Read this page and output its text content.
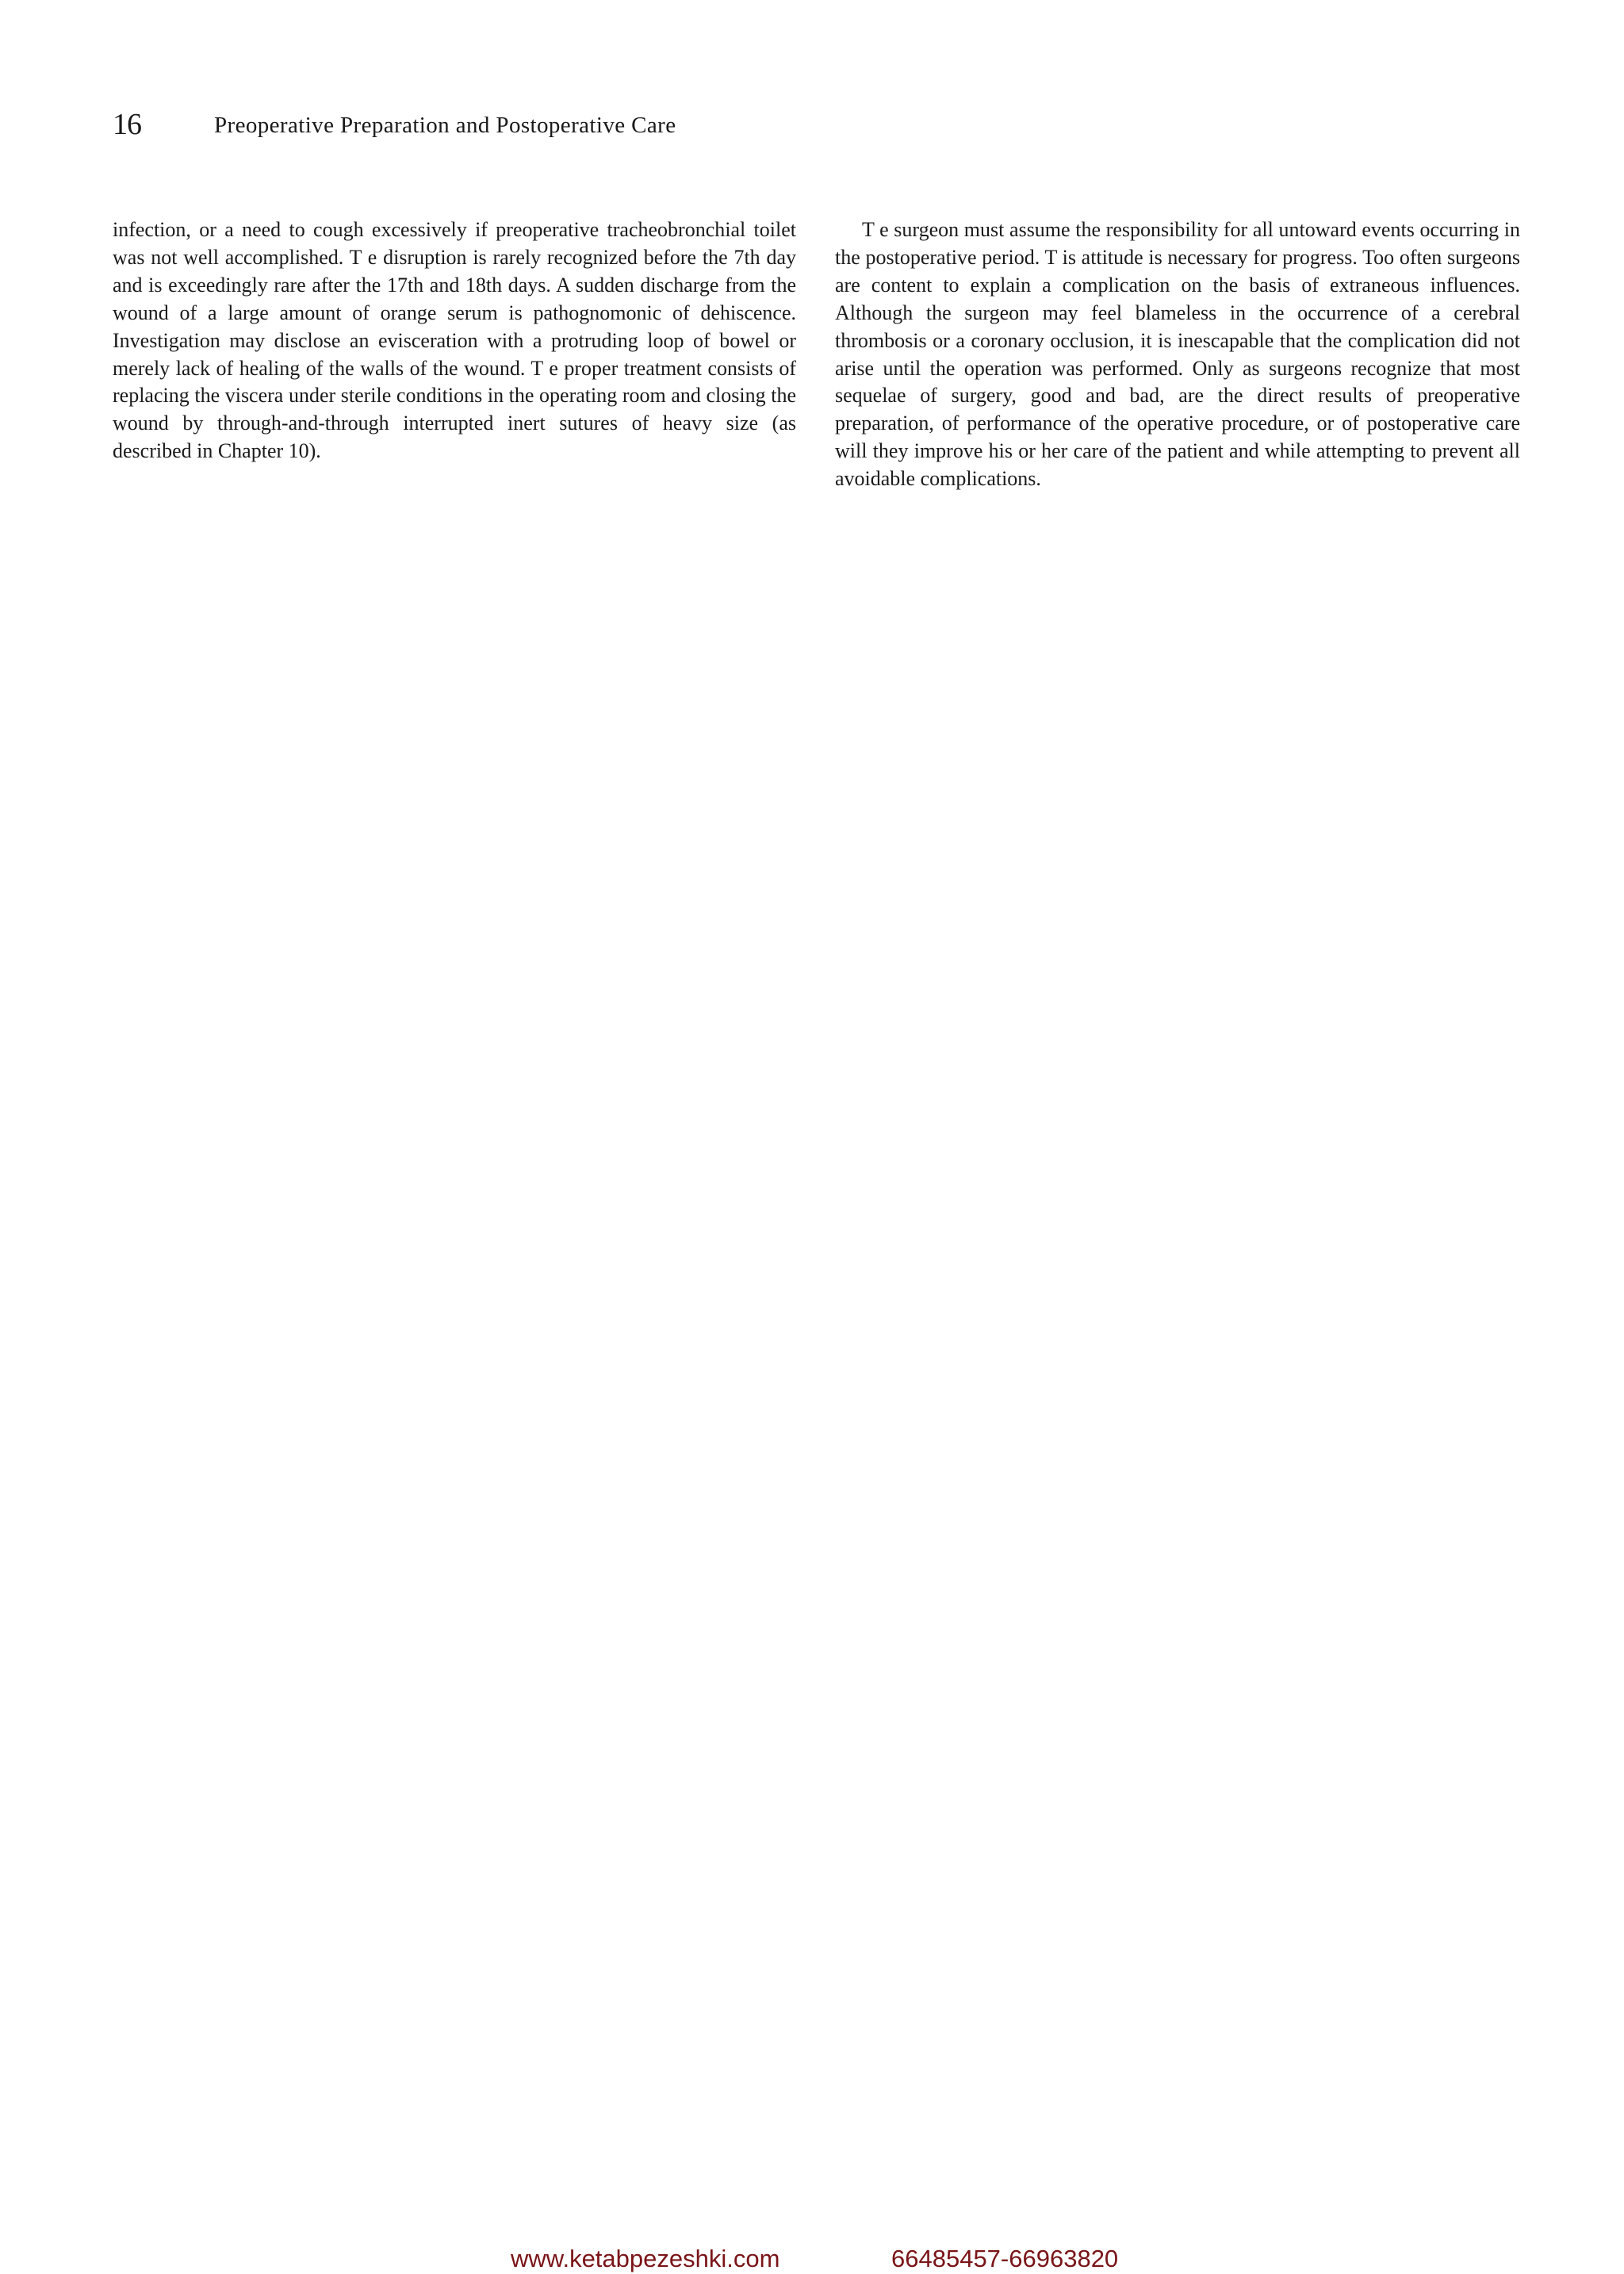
16	Preoperative Preparation and Postoperative Care

infection, or a need to cough excessively if preoperative tracheobronchial toilet was not well accomplished. T e disruption is rarely recognized before the 7th day and is exceedingly rare after the 17th and 18th days. A sudden discharge from the wound of a large amount of orange serum is pathognomonic of dehiscence. Investigation may disclose an evisceration with a protruding loop of bowel or merely lack of healing of the walls of the wound. T e proper treatment consists of replacing the viscera under sterile conditions in the operating room and closing the wound by through-and-through interrupted inert sutures of heavy size (as described in Chapter 10).

T e surgeon must assume the responsibility for all untoward events occurring in the postoperative period. T is attitude is necessary for progress. Too often surgeons are content to explain a complication on the basis of extraneous influences. Although the surgeon may feel blameless in the occurrence of a cerebral thrombosis or a coronary occlusion, it is inescapable that the complication did not arise until the operation was performed. Only as surgeons recognize that most sequelae of surgery, good and bad, are the direct results of preoperative preparation, of performance of the operative procedure, or of postoperative care will they improve his or her care of the patient and while attempting to prevent all avoidable complications.

www.ketabpezeshki.com	66485457-66963820
